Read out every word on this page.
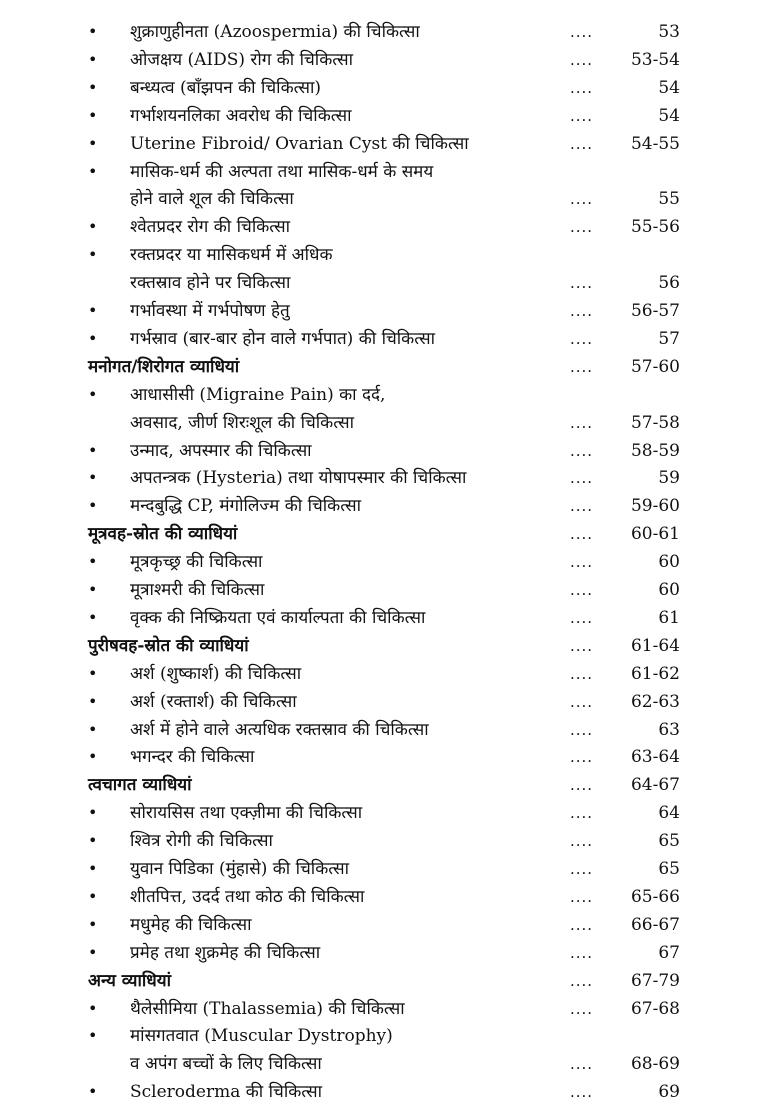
• शुक्राणुहीनता (Azoospermia) की चिकित्सा	....	53
• ओजक्षय (AIDS) रोग की चिकित्सा	.... 53-54
• बन्ध्यत्व (बाँझपन की चिकित्सा)	....	54
• गर्भाशयनलिका अवरोध की चिकित्सा	....	54
• Uterine Fibroid/ Ovarian Cyst की चिकित्सा	.... 54-55
• मासिक-धर्म की अल्पता तथा मासिक-धर्म के समय
होने वाले शूल की चिकित्सा	....	55
• श्वेतप्रदर रोग की चिकित्सा	.... 55-56
• रक्तप्रदर या मासिकधर्म में अधिक
रक्तस्राव होने पर चिकित्सा	....	56
• गर्भावस्था में गर्भपोषण हेतु	.... 56-57
• गर्भस्राव (बार-बार होन वाले गर्भपात) की चिकित्सा	....	57
मनोगत/शिरोगत व्याधियां	.... 57-60
• आधासीसी (Migraine Pain) का दर्द,
अवसाद, जीर्ण शिरःशूल की चिकित्सा	.... 57-58
• उन्माद, अपस्मार की चिकित्सा	.... 58-59
• अपतन्त्रक (Hysteria) तथा योषापस्मार की चिकित्सा	....	59
• मन्दबुद्धि CP, मंगोलिज्म की चिकित्सा	.... 59-60
मूत्रवह-स्रोत की व्याधियां	.... 60-61
• मूत्रकृच्छ्र की चिकित्सा	....	60
• मूत्राश्मरी की चिकित्सा	....	60
• वृक्क की निष्क्रियता एवं कार्याल्पता की चिकित्सा	....	61
पुरीषवह-स्रोत की व्याधियां	.... 61-64
• अर्श (शुष्कार्श) की चिकित्सा	.... 61-62
• अर्श (रक्तार्श) की चिकित्सा	.... 62-63
• अर्श में होने वाले अत्यधिक रक्तस्राव की चिकित्सा	....	63
• भगन्दर की चिकित्सा	.... 63-64
त्वचागत व्याधियां	.... 64-67
• सोरायसिस तथा एक्ज़ीमा की चिकित्सा	....	64
• श्वित्र रोगी की चिकित्सा	....	65
• युवान पिडिका (मुंहासे) की चिकित्सा	....	65
• शीतपित्त, उदर्द तथा कोठ की चिकित्सा	.... 65-66
• मधुमेह की चिकित्सा	.... 66-67
• प्रमेह तथा शुक्रमेह की चिकित्सा	....	67
अन्य व्याधियां	.... 67-79
• थैलेसीमिया (Thalassemia) की चिकित्सा	.... 67-68
• मांसगतवात (Muscular Dystrophy)
व अपंग बच्चों के लिए चिकित्सा	.... 68-69
• Scleroderma की चिकित्सा	....	69
